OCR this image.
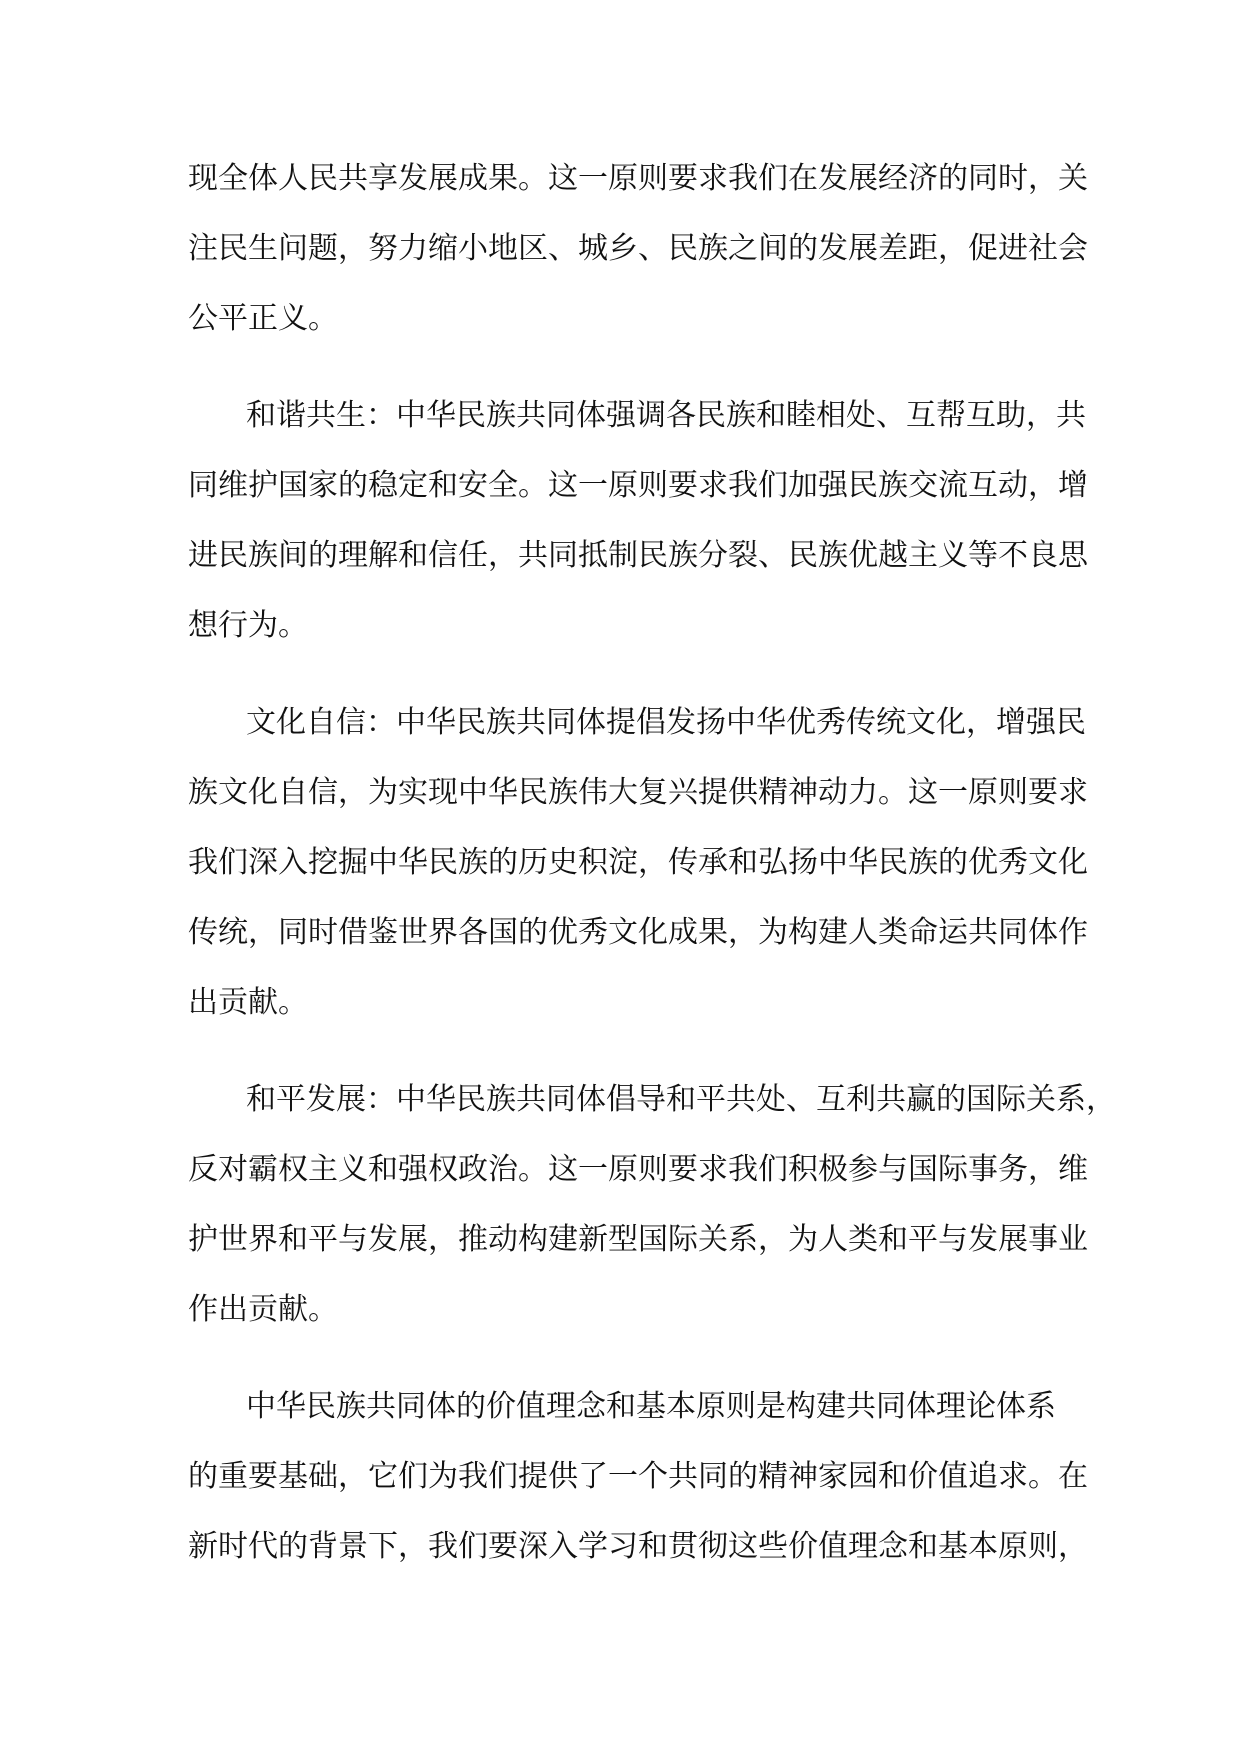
现全体人民共享发展成果。这一原则要求我们在发展经济的同时，关
注民生问题，努力缩小地区、城乡、民族之间的发展差距，促进社会
公平正义。
和谐共生：中华民族共同体强调各民族和睦相处、互帮互助，共
同维护国家的稳定和安全。这一原则要求我们加强民族交流互动，增
进民族间的理解和信任，共同抵制民族分裂、民族优越主义等不良思
想行为。
文化自信：中华民族共同体提倡发扬中华优秀传统文化，增强民
族文化自信，为实现中华民族伟大复兴提供精神动力。这一原则要求
我们深入挖掘中华民族的历史积淀，传承和弘扬中华民族的优秀文化
传统，同时借鉴世界各国的优秀文化成果，为构建人类命运共同体作
出贡献。
和平发展：中华民族共同体倡导和平共处、互利共赢的国际关系，
反对霸权主义和强权政治。这一原则要求我们积极参与国际事务，维
护世界和平与发展，推动构建新型国际关系，为人类和平与发展事业
作出贡献。
中华民族共同体的价值理念和基本原则是构建共同体理论体系
的重要基础，它们为我们提供了一个共同的精神家园和价值追求。在
新时代的背景下，我们要深入学习和贯彻这些价值理念和基本原则，
